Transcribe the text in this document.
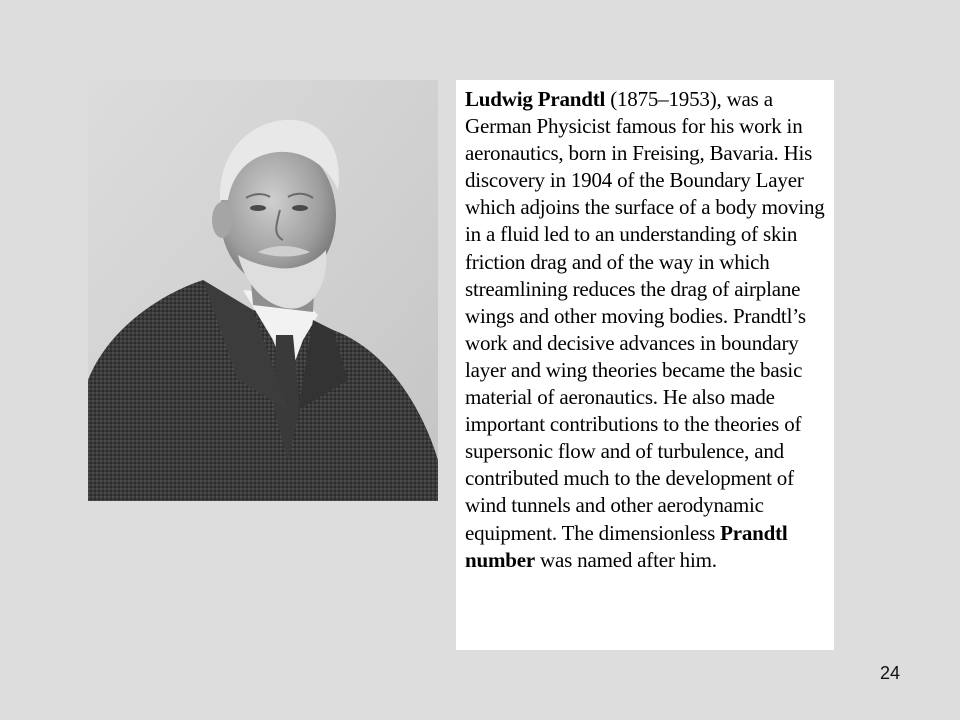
Ludwig Prandtl (1875–1953), was a German Physicist famous for his work in aeronautics, born in Freising, Bavaria. His discovery in 1904 of the Boundary Layer which adjoins the surface of a body moving in a fluid led to an understanding of skin friction drag and of the way in which streamlining reduces the drag of airplane wings and other moving bodies. Prandtl’s work and decisive advances in boundary layer and wing theories became the basic material of aeronautics. He also made important contributions to the theories of supersonic flow and of turbulence, and contributed much to the development of wind tunnels and other aerodynamic equipment. The dimensionless Prandtl number was named after him.

24
